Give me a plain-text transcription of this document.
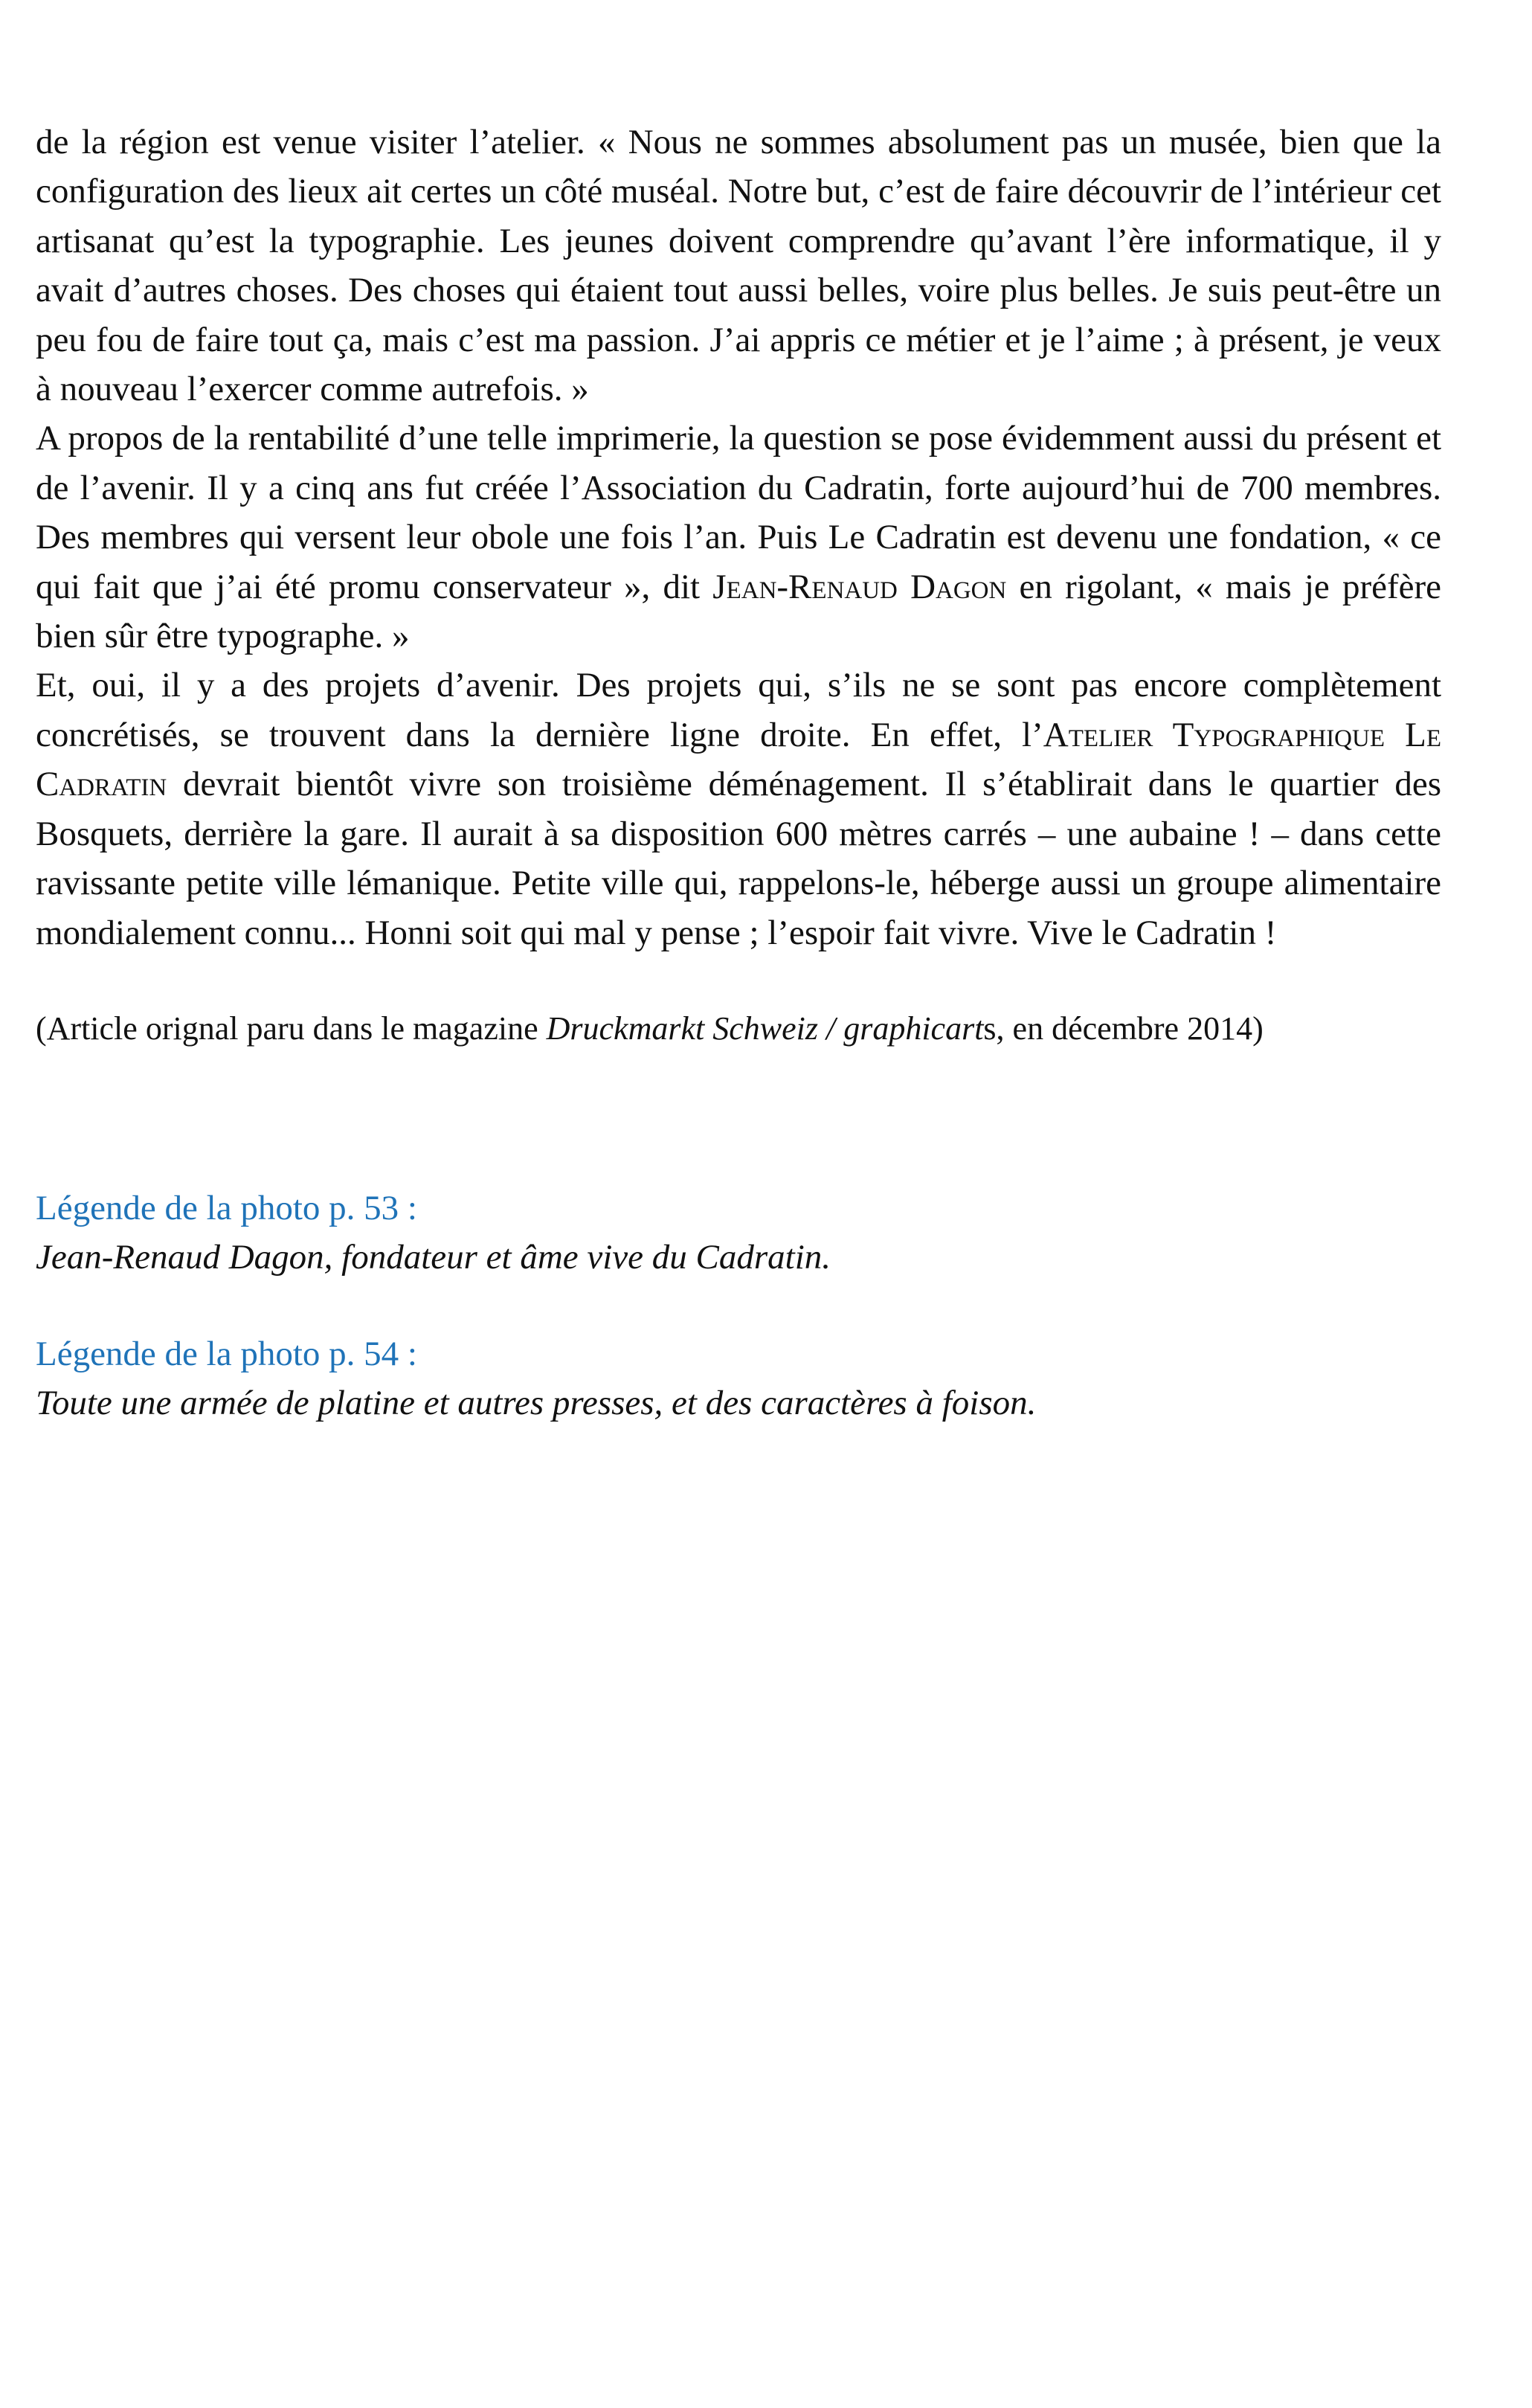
de la région est venue visiter l’atelier. « Nous ne sommes absolument pas un musée, bien que la configuration des lieux ait certes un côté muséal. Notre but, c’est de faire découvrir de l’intérieur cet artisanat qu’est la typographie. Les jeunes doivent comprendre qu’avant l’ère informatique, il y avait d’autres choses. Des choses qui étaient tout aussi belles, voire plus belles. Je suis peut-être un peu fou de faire tout ça, mais c’est ma passion. J’ai appris ce métier et je l’aime ; à présent, je veux à nouveau l’exercer comme autrefois. »

A propos de la rentabilité d’une telle imprimerie, la question se pose évidemment aussi du présent et de l’avenir. Il y a cinq ans fut créée l’Association du Cadratin, forte aujourd’hui de 700 membres. Des membres qui versent leur obole une fois l’an. Puis Le Cadratin est devenu une fondation, « ce qui fait que j’ai été promu conservateur », dit Jean-Renaud Dagon en rigolant, « mais je préfère bien sûr être typographe. »

Et, oui, il y a des projets d’avenir. Des projets qui, s’ils ne se sont pas encore complètement concrétisés, se trouvent dans la dernière ligne droite. En effet, l’Atelier Typographique Le Cadratin devrait bientôt vivre son troisième déménagement. Il s’établirait dans le quartier des Bosquets, derrière la gare. Il aurait à sa disposition 600 mètres carrés – une aubaine ! – dans cette ravissante petite ville lémanique. Petite ville qui, rappelons-le, héberge aussi un groupe alimentaire mondialement connu... Honni soit qui mal y pense ; l’espoir fait vivre. Vive le Cadratin !

(Article orignal paru dans le magazine Druckmarkt Schweiz / graphicarts, en décembre 2014)

Légende de la photo p. 53 :
Jean-Renaud Dagon, fondateur et âme vive du Cadratin.
Légende de la photo p. 54 :
Toute une armée de platine et autres presses, et des caractères à foison.
